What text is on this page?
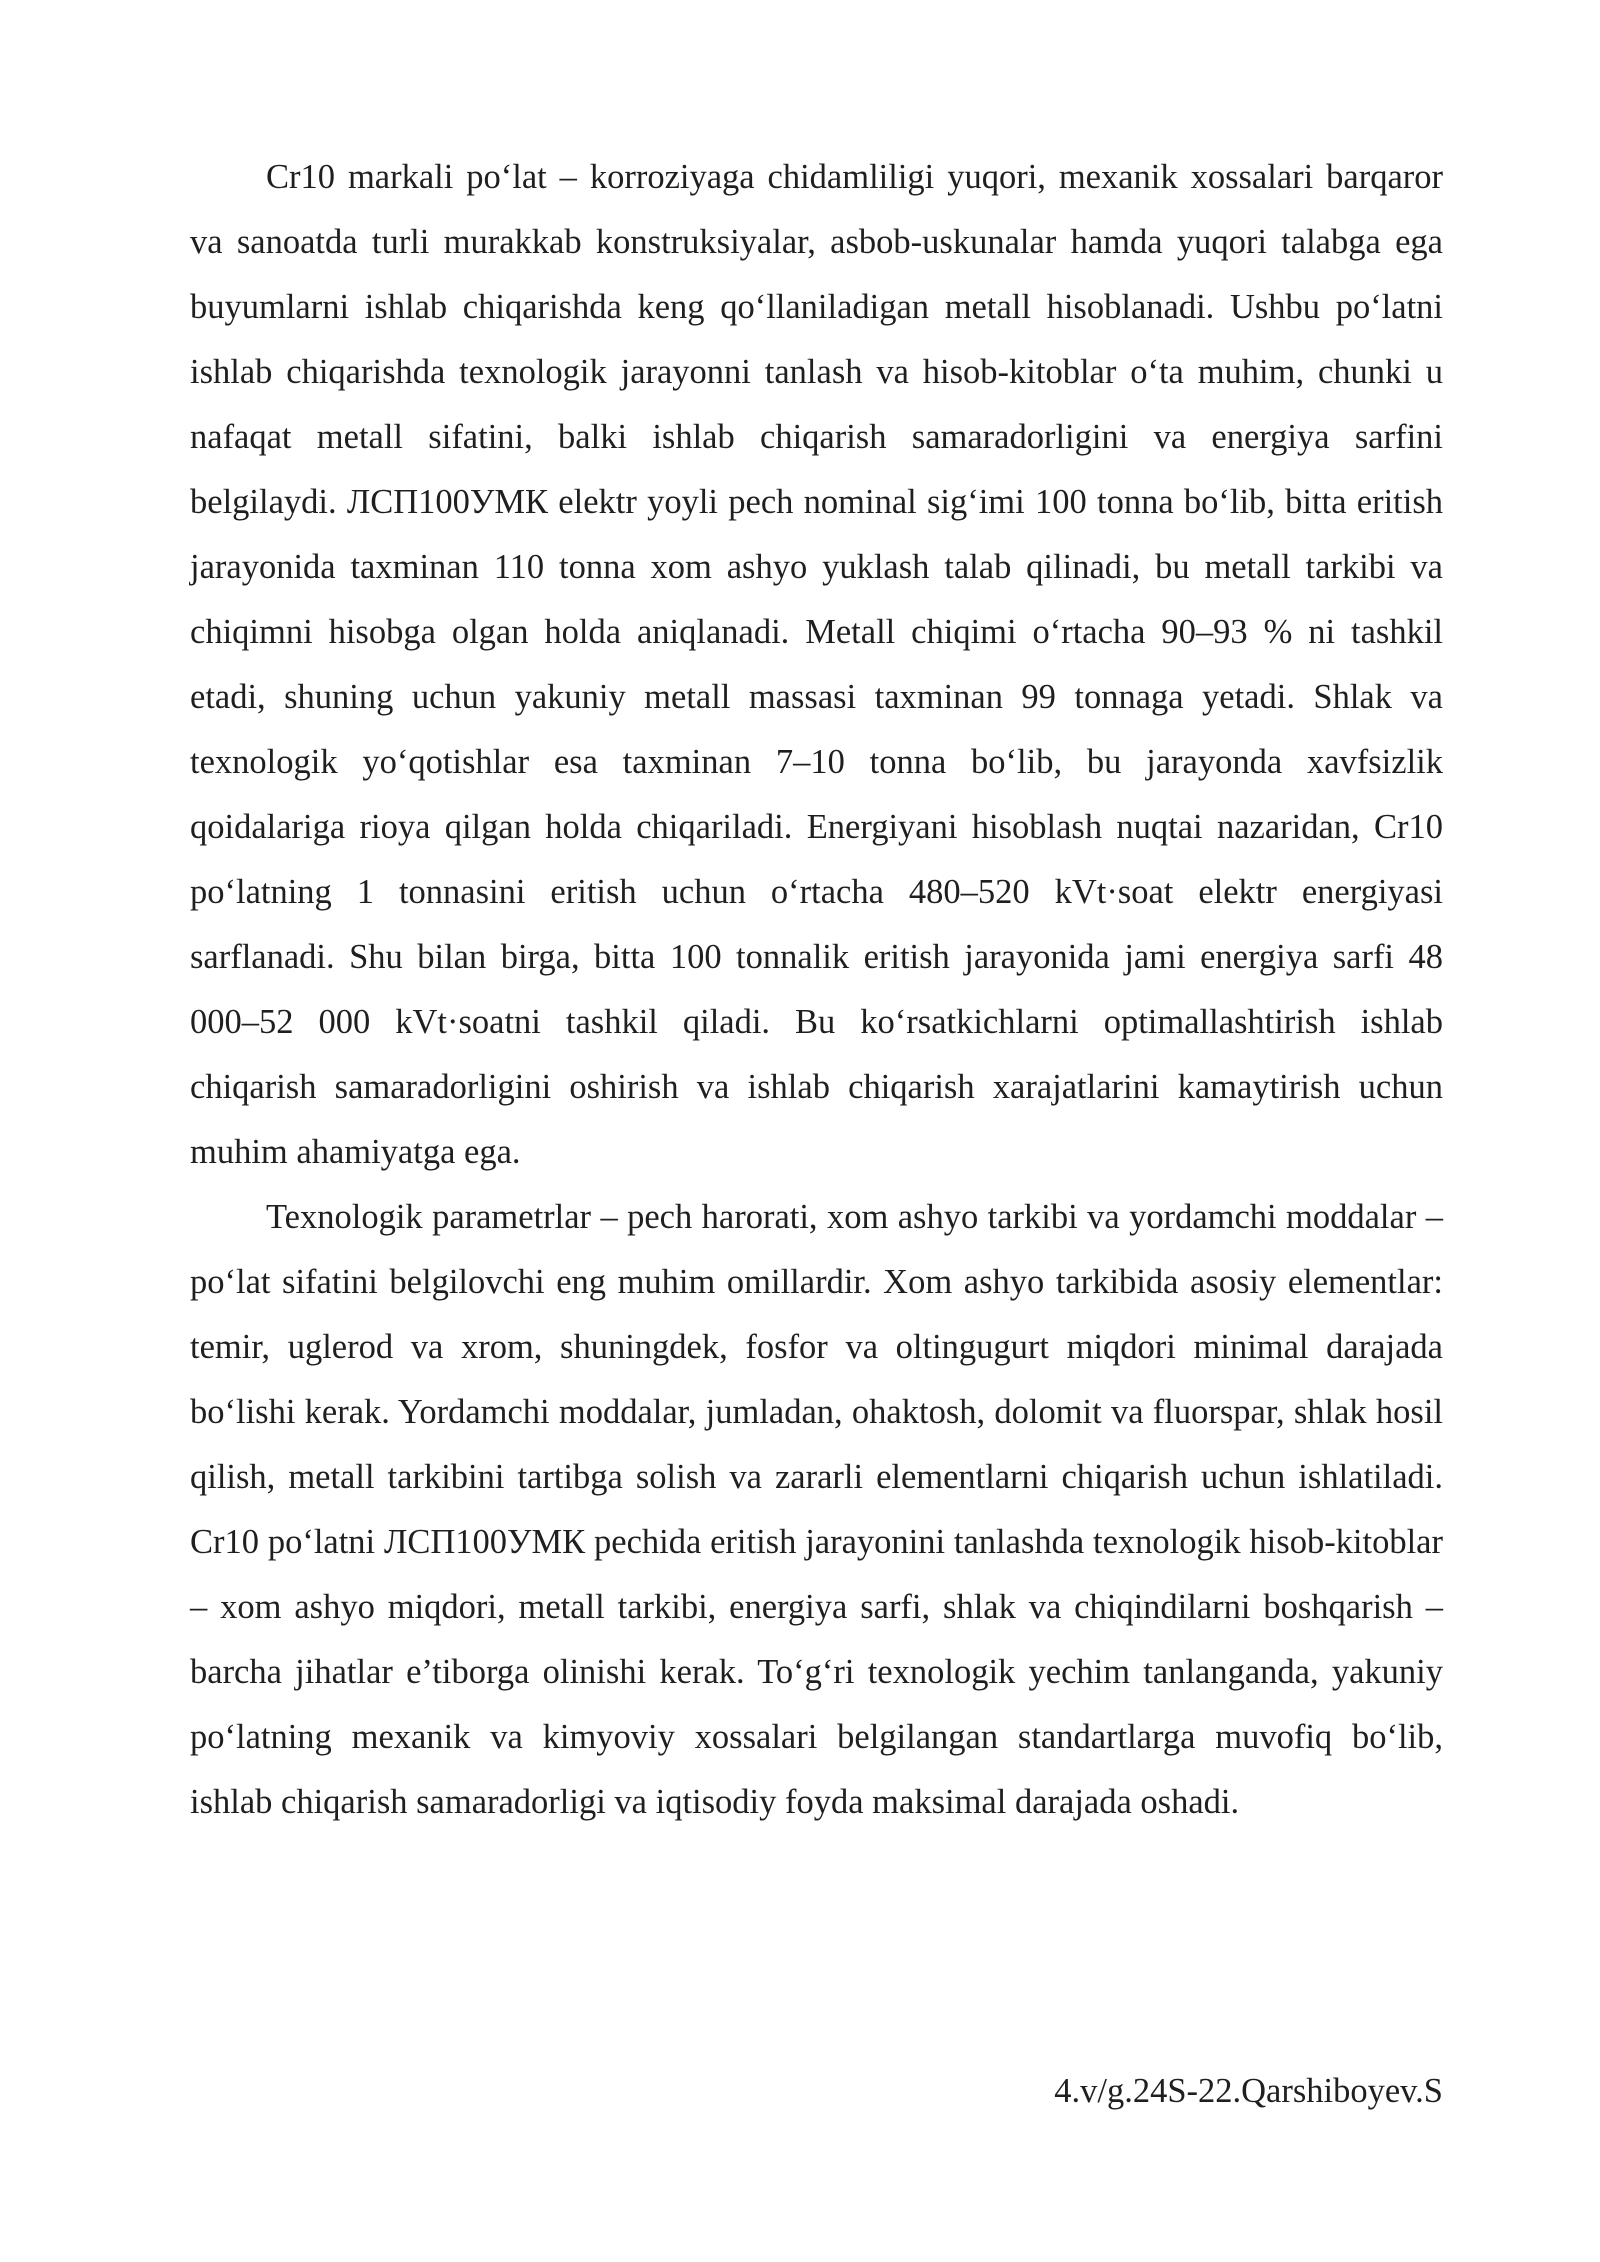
Cr10 markali po‘lat – korroziyaga chidamliligi yuqori, mexanik xossalari barqaror va sanoatda turli murakkab konstruksiyalar, asbob-uskunalar hamda yuqori talabga ega buyumlarni ishlab chiqarishda keng qo‘llaniladigan metall hisoblanadi. Ushbu po‘latni ishlab chiqarishda texnologik jarayonni tanlash va hisob-kitoblar o‘ta muhim, chunki u nafaqat metall sifatini, balki ishlab chiqarish samaradorligini va energiya sarfini belgilaydi. ЛСП100УМК elektr yoyli pech nominal sig‘imi 100 tonna bo‘lib, bitta eritish jarayonida taxminan 110 tonna xom ashyo yuklash talab qilinadi, bu metall tarkibi va chiqimni hisobga olgan holda aniqlanadi. Metall chiqimi o‘rtacha 90–93 % ni tashkil etadi, shuning uchun yakuniy metall massasi taxminan 99 tonnaga yetadi. Shlak va texnologik yo‘qotishlar esa taxminan 7–10 tonna bo‘lib, bu jarayonda xavfsizlik qoidalariga rioya qilgan holda chiqariladi. Energiyani hisoblash nuqtai nazaridan, Cr10 po‘latning 1 tonnasini eritish uchun o‘rtacha 480–520 kVt·soat elektr energiyasi sarflanadi. Shu bilan birga, bitta 100 tonnalik eritish jarayonida jami energiya sarfi 48 000–52 000 kVt·soatni tashkil qiladi. Bu ko‘rsatkichlarni optimallashtirish ishlab chiqarish samaradorligini oshirish va ishlab chiqarish xarajatlarini kamaytirish uchun muhim ahamiyatga ega.

Texnologik parametrlar – pech harorati, xom ashyo tarkibi va yordamchi moddalar – po‘lat sifatini belgilovchi eng muhim omillardir. Xom ashyo tarkibida asosiy elementlar: temir, uglerod va xrom, shuningdek, fosfor va oltingugurt miqdori minimal darajada bo‘lishi kerak. Yordamchi moddalar, jumladan, ohaktosh, dolomit va fluorspar, shlak hosil qilish, metall tarkibini tartibga solish va zararli elementlarni chiqarish uchun ishlatiladi. Cr10 po‘latni ЛСП100УМК pechida eritish jarayonini tanlashda texnologik hisob-kitoblar – xom ashyo miqdori, metall tarkibi, energiya sarfi, shlak va chiqindilarni boshqarish – barcha jihatlar e’tiborga olinishi kerak. To‘g‘ri texnologik yechim tanlanganda, yakuniy po‘latning mexanik va kimyoviy xossalari belgilangan standartlarga muvofiq bo‘lib, ishlab chiqarish samaradorligi va iqtisodiy foyda maksimal darajada oshadi.

4.v/g.24S-22.Qarshiboyev.S
